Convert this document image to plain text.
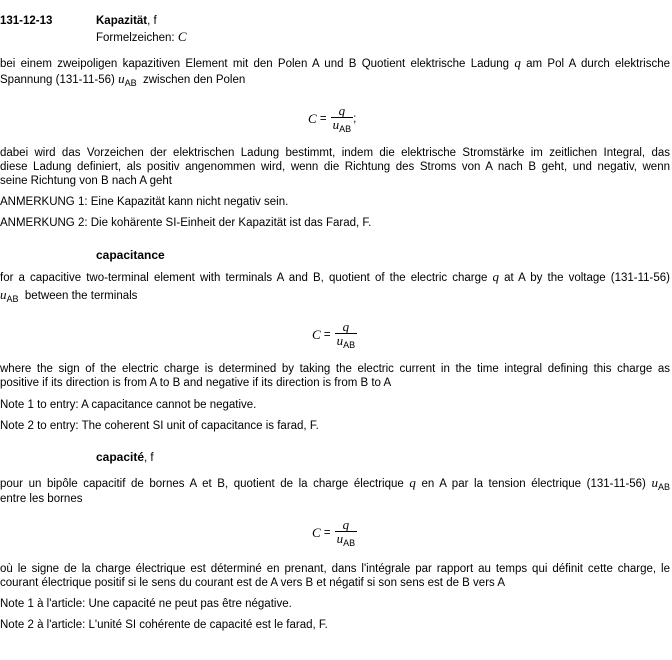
131-12-13	Kapazität, f
Formelzeichen: C
bei einem zweipoligen kapazitiven Element mit den Polen A und B Quotient elektrische Ladung q am Pol A durch elektrische
Spannung (131-11-56) $u_{AB}$ zwischen den Polen
C
= $\frac{q}{u_{AB}}$ ;
dabei wird das Vorzeichen der elektrischen Ladung bestimmt, indem die elektrische Stromstärke im zeitlichen Integral, das
diese Ladung definiert, als positiv angenommen wird, wenn die Richtung des Stroms von A nach B geht, und negativ, wenn
seine Richtung von B nach A geht
ANMERKUNG 1: Eine Kapazität kann nicht negativ sein.
ANMERKUNG 2: Die kohärente SI-Einheit der Kapazität ist das Farad, F.
capacitance
for a capacitive two-terminal element with terminals A and B, quotient of the electric charge q at A by the voltage (131-11-56)
$u_{AB}$ between the terminals
C
= $\frac{q}{u_{AB}}$
where the sign of the electric charge is determined by taking the electric current in the time integral defining this charge as
positive if its direction is from A to B and negative if its direction is from B to A
Note 1 to entry: A capacitance cannot be negative.
Note 2 to entry: The coherent SI unit of capacitance is farad, F.
capacité, f
pour un bipôle capacitif de bornes A et B, quotient de la charge électrique q en A par la tension électrique (131-11-56) $u_{AB}$
entre les bornes
C
= $\frac{q}{u_{AB}}$
où le signe de la charge électrique est déterminé en prenant, dans l'intégrale par rapport au temps qui définit cette charge, le
courant électrique positif si le sens du courant est de A vers B et négatif si son sens est de B vers A
Note 1 à l'article: Une capacité ne peut pas être négative.
Note 2 à l'article: L'unité SI cohérente de capacité est le farad, F.
